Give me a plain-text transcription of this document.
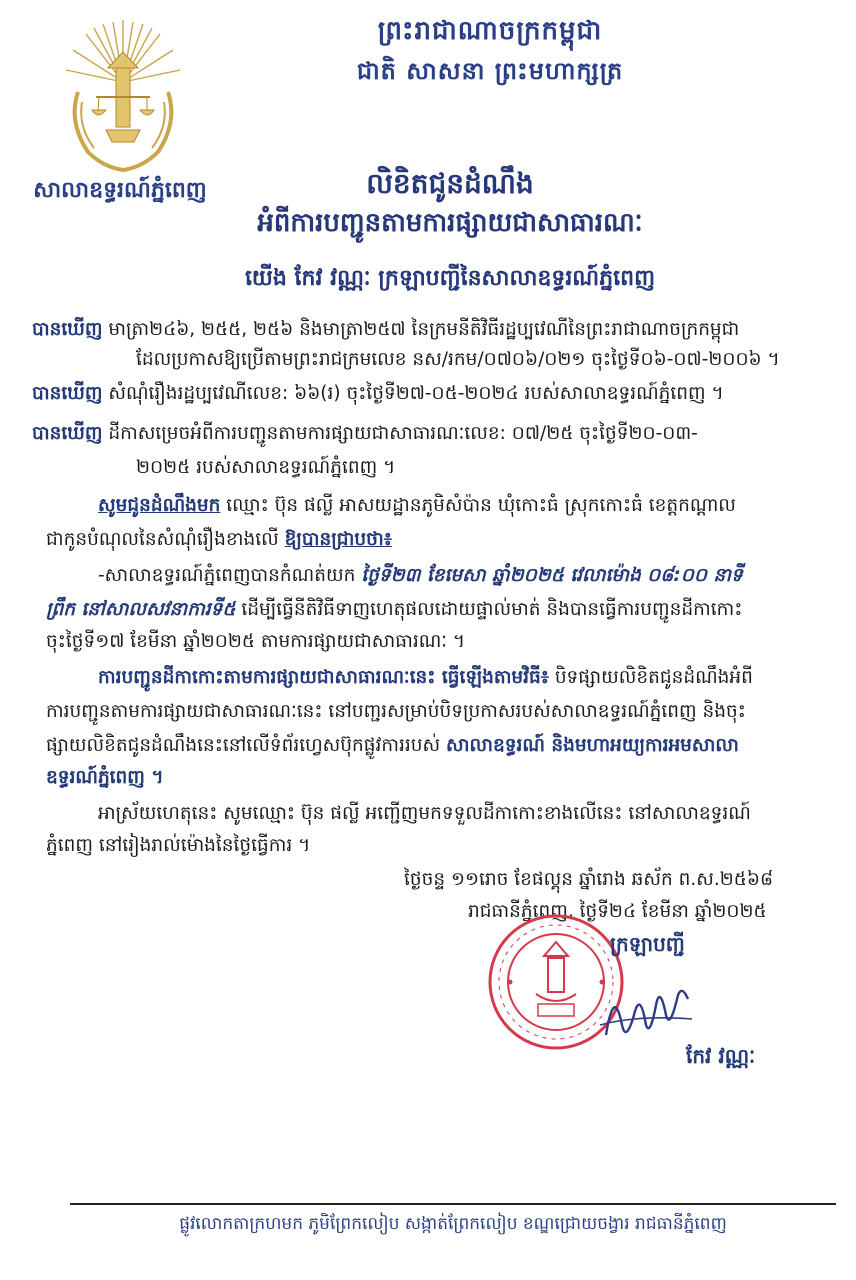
សាលាឧទ្ធរណ៍ភ្នំពេញ
ព្រះរាជាណាចក្រកម្ពុជា
ជាតិ សាសនា ព្រះមហាក្សត្រ
លិខិតជូនដំណឹង
អំពីការបញ្ជូនតាមការផ្សាយជាសាធារណៈ
យើង កែវ វណ្ណៈ ក្រឡាបញ្ជីនៃសាលាឧទ្ធរណ៍ភ្នំពេញ
បានឃើញ មាត្រា២៤៦, ២៥៥, ២៥៦ និងមាត្រា២៥៧ នៃក្រមនីតិវិធីរដ្ឋប្បវេណីនៃព្រះរាជាណាចក្រកម្ពុជា
ដែលប្រកាសឱ្យប្រើតាមព្រះរាជក្រមលេខ នស/រកម/០៧០៦/០២១ ចុះថ្ងៃទី០៦-០៧-២០០៦ ។
បានឃើញ សំណុំរឿងរដ្ឋប្បវេណីលេខ: ៦៦(រ) ចុះថ្ងៃទី២៧-០៥-២០២៤ របស់សាលាឧទ្ធរណ៍ភ្នំពេញ ។
បានឃើញ ដីកាសម្រេចអំពីការបញ្ជូនតាមការផ្សាយជាសាធារណៈលេខ: ០៧/២៥ ចុះថ្ងៃទី២០-០៣-
២០២៥ របស់សាលាឧទ្ធរណ៍ភ្នំពេញ ។
សូមជូនដំណឹងមក ឈ្មោះ ប៊ុន ផល្លី អាសយដ្ឋានភូមិសំប៉ាន ឃុំកោះធំ ស្រុកកោះធំ ខេត្តកណ្ដាល
ជាកូនបំណុលនៃសំណុំរឿងខាងលើ ឱ្យបានជ្រាបថា៖
-សាលាឧទ្ធរណ៍ភ្នំពេញបានកំណត់យក ថ្ងៃទី២៣ ខែមេសា ឆ្នាំ២០២៥ វេលាម៉ោង ០៨:០០ នាទី
ព្រឹក នៅសាលសវនាការទី៥ ដើម្បីធ្វើនីតិវិធីទាញហេតុផលដោយផ្ទាល់មាត់ និងបានធ្វើការបញ្ជូនដីកាកោះ
ចុះថ្ងៃទី១៧ ខែមីនា ឆ្នាំ២០២៥ តាមការផ្សាយជាសាធារណៈ ។
ការបញ្ជូនដីកាកោះតាមការផ្សាយជាសាធារណៈនេះ ធ្វើឡើងតាមវិធី៖ បិទផ្សាយលិខិតជូនដំណឹងអំពី
ការបញ្ជូនតាមការផ្សាយជាសាធារណៈនេះ នៅបញ្ជរសម្រាប់បិទប្រកាសរបស់សាលាឧទ្ធរណ៍ភ្នំពេញ និងចុះ
ផ្សាយលិខិតជូនដំណឹងនេះនៅលើទំព័រហ្វេសប៊ុកផ្លូវការរបស់ សាលាឧទ្ធរណ៍ និងមហាអយ្យការអមសាលា
ឧទ្ធរណ៍ភ្នំពេញ ។
អាស្រ័យហេតុនេះ សូមឈ្មោះ ប៊ុន ផល្លី អញ្ជើញមកទទួលដីកាកោះខាងលើនេះ នៅសាលាឧទ្ធរណ៍
ភ្នំពេញ នៅរៀងរាល់ម៉ោងនៃថ្ងៃធ្វើការ ។
ថ្ងៃចន្ទ ១១រោច ខែផល្គុន ឆ្នាំរោង ឆស័ក ព.ស.២៥៦៨
រាជធានីភ្នំពេញ, ថ្ងៃទី២៤ ខែមីនា ឆ្នាំ២០២៥
ក្រឡាបញ្ជី
កែវ វណ្ណៈ
ផ្លូវលោកតាក្រហមក ភូមិព្រែកលៀប សង្កាត់ព្រែកលៀប ខណ្ឌជ្រោយចង្វារ រាជធានីភ្នំពេញ
